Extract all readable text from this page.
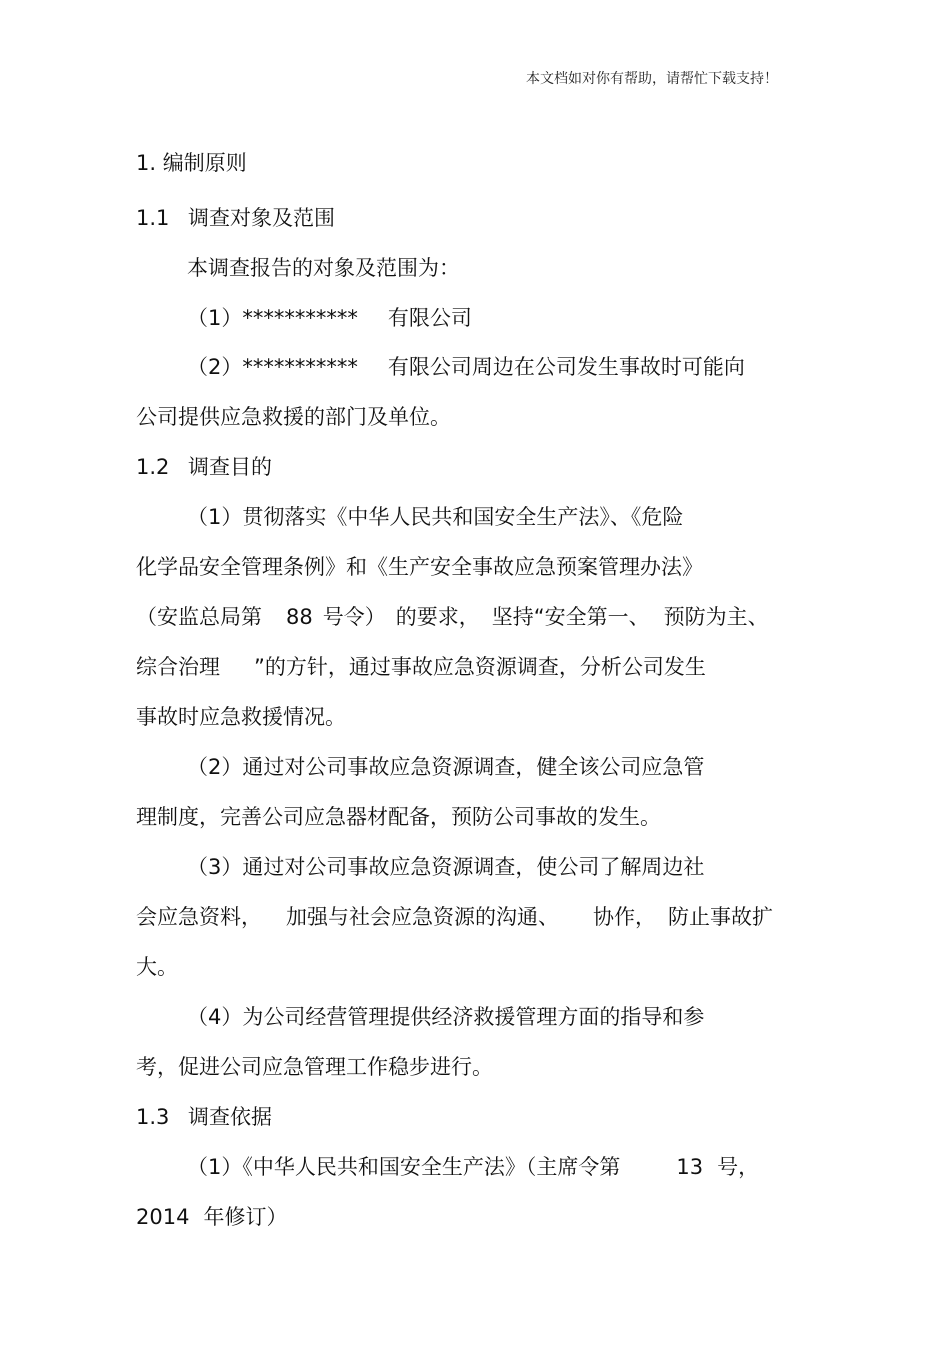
本文档如对你有帮助，请帮忙下载支持！
1. 编制原则
1.1 调查对象及范围
本调查报告的对象及范围为：
（1）*********** 有限公司
（2）*********** 有限公司周边在公司发生事故时可能向
公司提供应急救援的部门及单位。
1.2 调查目的
（1）贯彻落实《中华人民共和国安全生产法》、《危险
化学品安全管理条例》和《生产安全事故应急预案管理办法》
（安监总局第 88 号令） 的要求， 坚持“安全第一、 预防为主、
综合治理 ”的方针，通过事故应急资源调查，分析公司发生
事故时应急救援情况。
（2）通过对公司事故应急资源调查，健全该公司应急管
理制度，完善公司应急器材配备，预防公司事故的发生。
（3）通过对公司事故应急资源调查，使公司了解周边社
会应急资料， 加强与社会应急资源的沟通、 协作， 防止事故扩
大。
（4）为公司经营管理提供经济救援管理方面的指导和参
考，促进公司应急管理工作稳步进行。
1.3 调查依据
（1）《中华人民共和国安全生产法》（主席令第	13 号，
2014 年修订）
